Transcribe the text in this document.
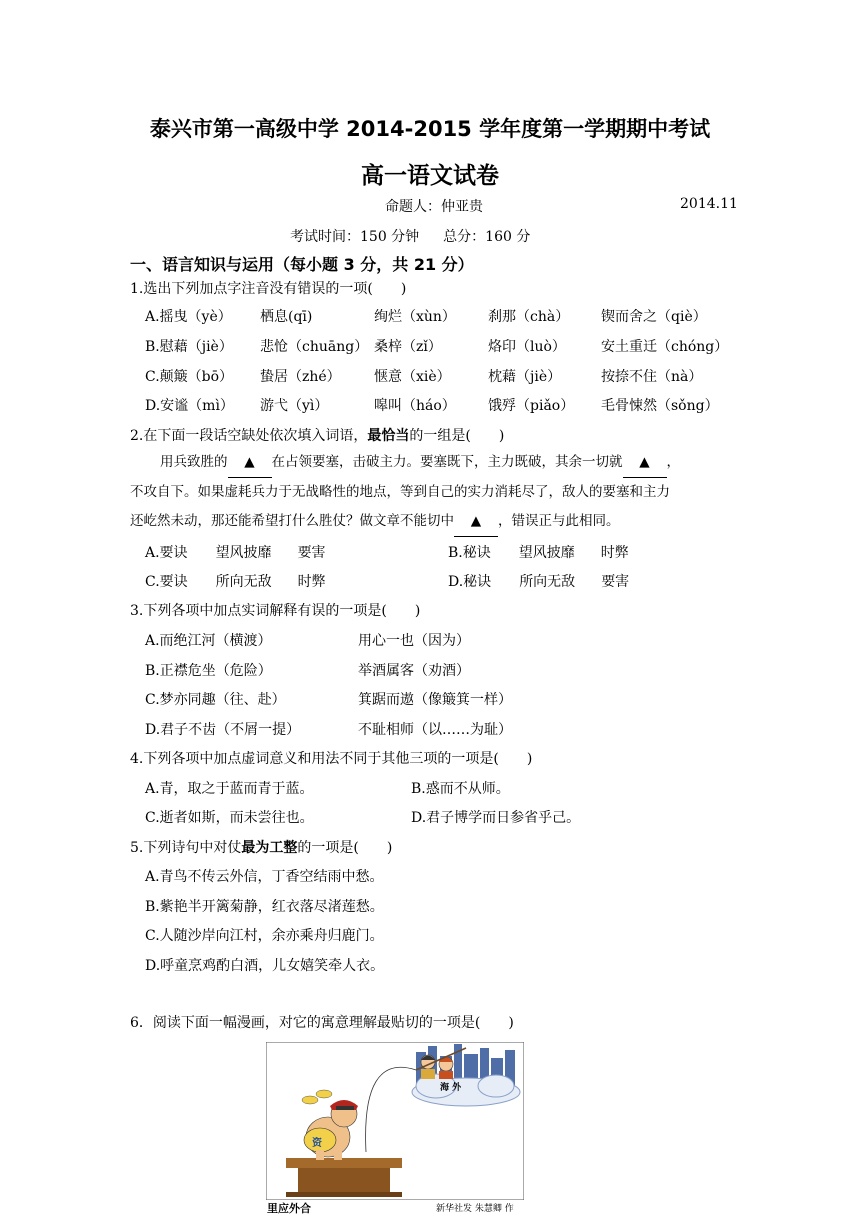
泰兴市第一高级中学 2014-2015 学年度第一学期期中考试
高一语文试卷
命题人：仲亚贵	2014.11
考试时间：150 分钟 总分：160 分
一、语言知识与运用（每小题 3 分，共 21 分）
1.选出下列加点字注音没有错误的一项(　　)
A.摇曳（yè） 栖息(qī)	绚烂（xùn） 刹那（chà） 锲而舍之（qiè）
B.慰藉（jiè） 悲怆（chuāng） 桑梓（zǐ）	烙印（luò）	安土重迁（chóng）
C.颠簸（bō） 蛰居（zhé） 惬意（xiè）	枕藉（jiè）	按捺不住（nà）
D.安谧（mì） 游弋（yì）	嗥叫（háo） 饿殍（piǎo） 毛骨悚然（sǒng）
2.在下面一段话空缺处依次填入词语，最恰当的一组是(　　)
用兵致胜的 ▲ 在占领要塞，击破主力。要塞既下，主力既破，其余一切就 ▲ ，
不攻自下。如果虚耗兵力于无战略性的地点，等到自己的实力消耗尽了，敌人的要塞和主力
还屹然未动，那还能希望打什么胜仗？做文章不能切中 ▲ ，错误正与此相同。
A.要诀 望风披靡 要害	B.秘诀 望风披靡 时弊
C.要诀 所向无敌 时弊	D.秘诀 所向无敌 要害
3.下列各项中加点实词解释有误的一项是(　　)
A.而绝江河（横渡）	用心一也（因为）
B.正襟危坐（危险）	举酒属客（劝酒）
C.梦亦同趣（往、赴）	箕踞而遨（像簸箕一样）
D.君子不齿（不屑一提）	不耻相师（以……为耻）
4.下列各项中加点虚词意义和用法不同于其他三项的一项是(　　)
A.青，取之于蓝而青于蓝。	B.惑而不从师。
C.逝者如斯，而未尝往也。	D.君子博学而日参省乎己。
5.下列诗句中对仗最为工整的一项是(　　)
A.青鸟不传云外信，丁香空结雨中愁。
B.紫艳半开篱菊静，红衣落尽渚莲愁。
C.人随沙岸向江村，余亦乘舟归鹿门。
D.呼童烹鸡酌白酒，儿女嬉笑牵人衣。
6．阅读下面一幅漫画，对它的寓意理解最贴切的一项是(　　)
海 外
资
里应外合	新华社发 朱慧卿 作
